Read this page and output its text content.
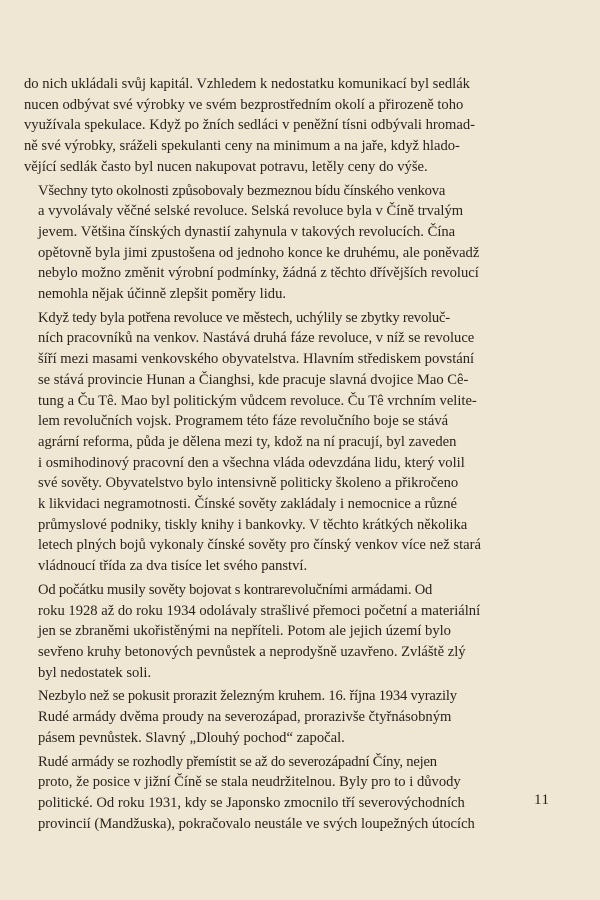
do nich ukládali svůj kapitál. Vzhledem k nedostatku komunikací byl sedlák
nucen odbývat své výrobky ve svém bezprostředním okolí a přirozeně toho
využívala spekulace. Když po žních sedláci v peněžní tísni odbývali hromad-
ně své výrobky, sráželi spekulanti ceny na minimum a na jaře, když hlado-
vějící sedlák často byl nucen nakupovat potravu, letěly ceny do výše.

Všechny tyto okolnosti způsobovaly bezmeznou bídu čínského venkova
a vyvolávaly věčné selské revoluce. Selská revoluce byla v Číně trvalým
jevem. Většina čínských dynastií zahynula v takových revolucích. Čína
opětovně byla jimi zpustošena od jednoho konce ke druhému, ale poněvadž
nebylo možno změnit výrobní podmínky, žádná z těchto dřívějších revolucí
nemohla nějak účinně zlepšit poměry lidu.

Když tedy byla potřena revoluce ve městech, uchýlily se zbytky revoluč-
ních pracovníků na venkov. Nastává druhá fáze revoluce, v níž se revoluce
šíří mezi masami venkovského obyvatelstva. Hlavním střediskem povstání
se stává provincie Hunan a Čianghsi, kde pracuje slavná dvojice Mao Cê-
tung a Ču Tê. Mao byl politickým vůdcem revoluce. Ču Tê vrchním velite-
lem revolučních vojsk. Programem této fáze revolučního boje se stává
agrární reforma, půda je dělena mezi ty, kdož na ní pracují, byl zaveden
i osmihodinový pracovní den a všechna vláda odevzdána lidu, který volil
své sověty. Obyvatelstvo bylo intensivně politicky školeno a přikročeno
k likvidaci negramotnosti. Čínské sověty zakládaly i nemocnice a různé
průmyslové podniky, tiskly knihy i bankovky. V těchto krátkých několika
letech plných bojů vykonaly čínské sověty pro čínský venkov více než stará
vládnoucí třída za dva tisíce let svého panství.

Od počátku musily sověty bojovat s kontrarevolučními armádami. Od
roku 1928 až do roku 1934 odolávaly strašlivé přemoci početní a materiální
jen se zbraněmi ukořistěnými na nepříteli. Potom ale jejich území bylo
sevřeno kruhy betonových pevnůstek a neprodyšně uzavřeno. Zvláště zlý
byl nedostatek soli.

Nezbylo než se pokusit prorazit železným kruhem. 16. října 1934 vyrazily
Rudé armády dvěma proudy na severozápad, prorazivše čtyřnásobným
pásem pevnůstek. Slavný „Dlouhý pochod“ započal.

Rudé armády se rozhodly přemístit se až do severozápadní Číny, nejen
proto, že posice v jižní Číně se stala neudržitelnou. Byly pro to i důvody
politické. Od roku 1931, kdy se Japonsko zmocnilo tří severovýchodních
provincií (Mandžuska), pokračovalo neustále ve svých loupežných útocích

11
